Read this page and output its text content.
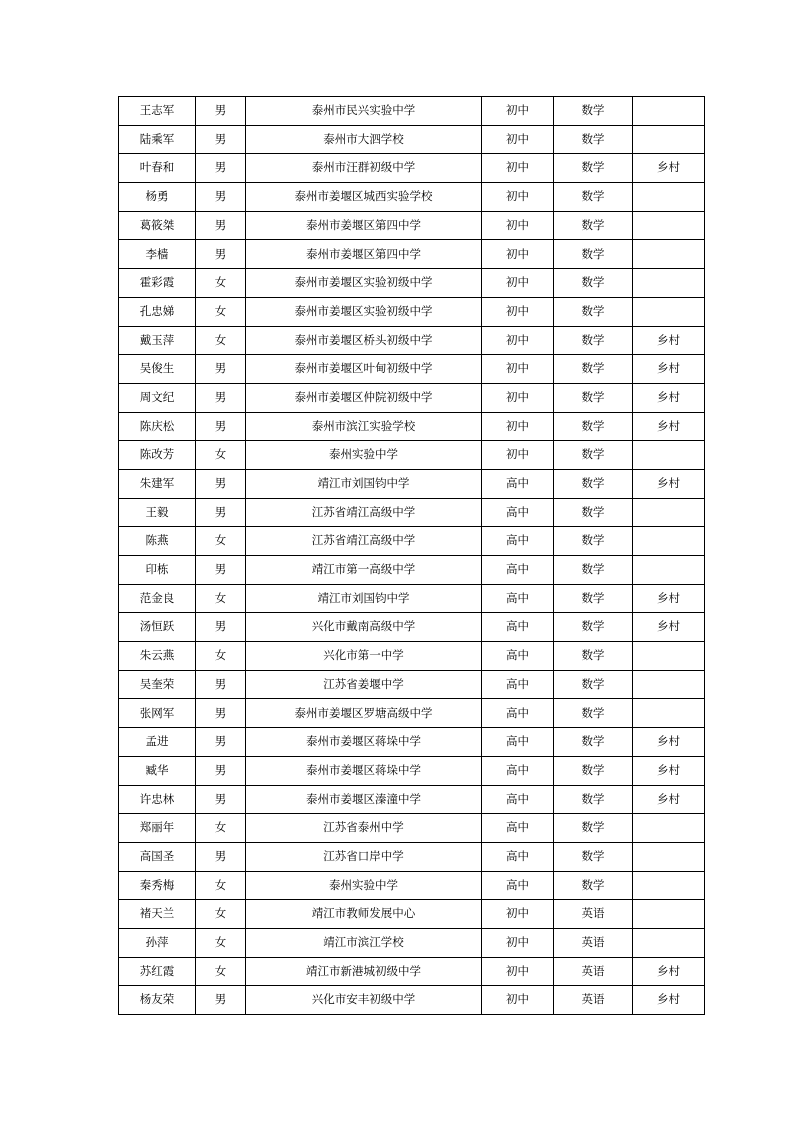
王志军	男	泰州市民兴实验中学	初中	数学	
陆乘军	男	泰州市大泗学校	初中	数学	
叶春和	男	泰州市汪群初级中学	初中	数学	乡村
杨勇	男	泰州市姜堰区城西实验学校	初中	数学	
葛筱桀	男	泰州市姜堰区第四中学	初中	数学	
李樯	男	泰州市姜堰区第四中学	初中	数学	
霍彩霞	女	泰州市姜堰区实验初级中学	初中	数学	
孔忠娣	女	泰州市姜堰区实验初级中学	初中	数学	
戴玉萍	女	泰州市姜堰区桥头初级中学	初中	数学	乡村
吴俊生	男	泰州市姜堰区叶甸初级中学	初中	数学	乡村
周文纪	男	泰州市姜堰区仲院初级中学	初中	数学	乡村
陈庆松	男	泰州市滨江实验学校	初中	数学	乡村
陈改芳	女	泰州实验中学	初中	数学	
朱建军	男	靖江市刘国钧中学	高中	数学	乡村
王毅	男	江苏省靖江高级中学	高中	数学	
陈燕	女	江苏省靖江高级中学	高中	数学	
印栋	男	靖江市第一高级中学	高中	数学	
范金良	女	靖江市刘国钧中学	高中	数学	乡村
汤恒跃	男	兴化市戴南高级中学	高中	数学	乡村
朱云燕	女	兴化市第一中学	高中	数学	
吴奎荣	男	江苏省姜堰中学	高中	数学	
张网军	男	泰州市姜堰区罗塘高级中学	高中	数学	
孟进	男	泰州市姜堰区蒋垛中学	高中	数学	乡村
臧华	男	泰州市姜堰区蒋垛中学	高中	数学	乡村
许忠林	男	泰州市姜堰区溱潼中学	高中	数学	乡村
郑丽年	女	江苏省泰州中学	高中	数学	
高国圣	男	江苏省口岸中学	高中	数学	
秦秀梅	女	泰州实验中学	高中	数学	
褚天兰	女	靖江市教师发展中心	初中	英语	
孙萍	女	靖江市滨江学校	初中	英语	
苏红霞	女	靖江市新港城初级中学	初中	英语	乡村
杨友荣	男	兴化市安丰初级中学	初中	英语	乡村
